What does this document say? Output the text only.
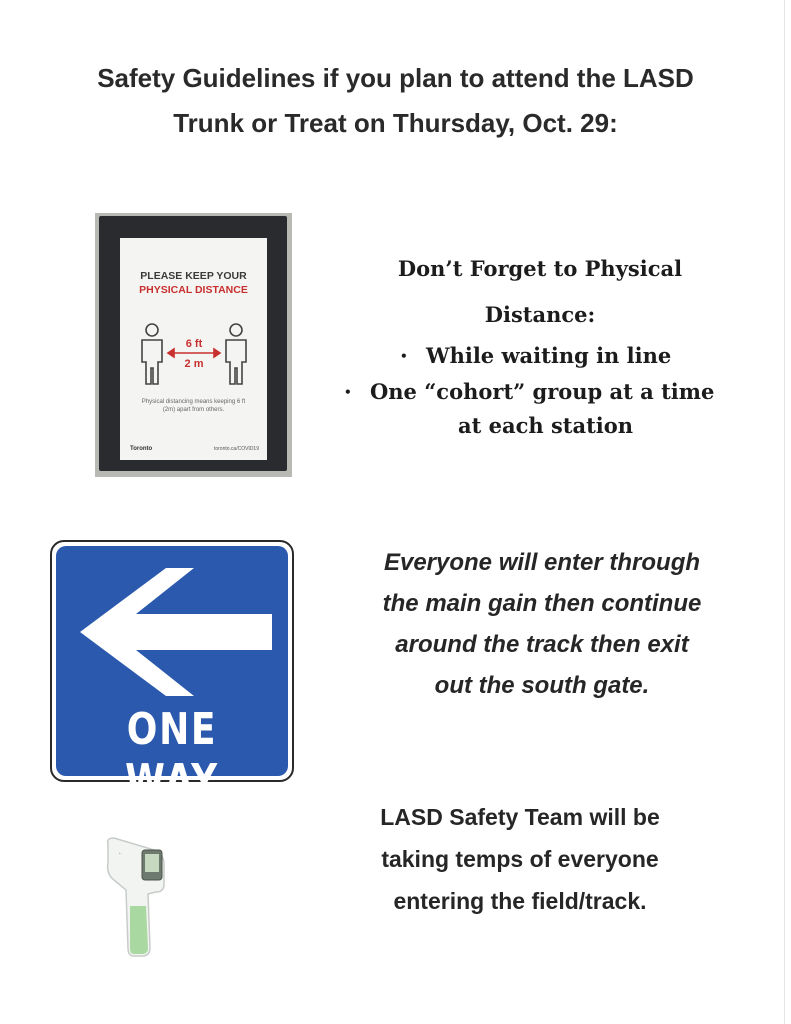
Safety Guidelines if you plan to attend the LASD
Trunk or Treat on Thursday, Oct. 29:
PLEASE KEEP YOUR
PHYSICAL DISTANCE
6 ft
2 m
Physical distancing means keeping 6 ft (2m) apart from others.
Toronto	toronto.ca/COVID19
Don’t Forget to Physical
Distance:
• While waiting in line
• One “cohort” group at a time
at each station
ONE WAY
Everyone will enter through
the main gain then continue
around the track then exit
out the south gate.
←
LASD Safety Team will be
taking temps of everyone
entering the field/track.
